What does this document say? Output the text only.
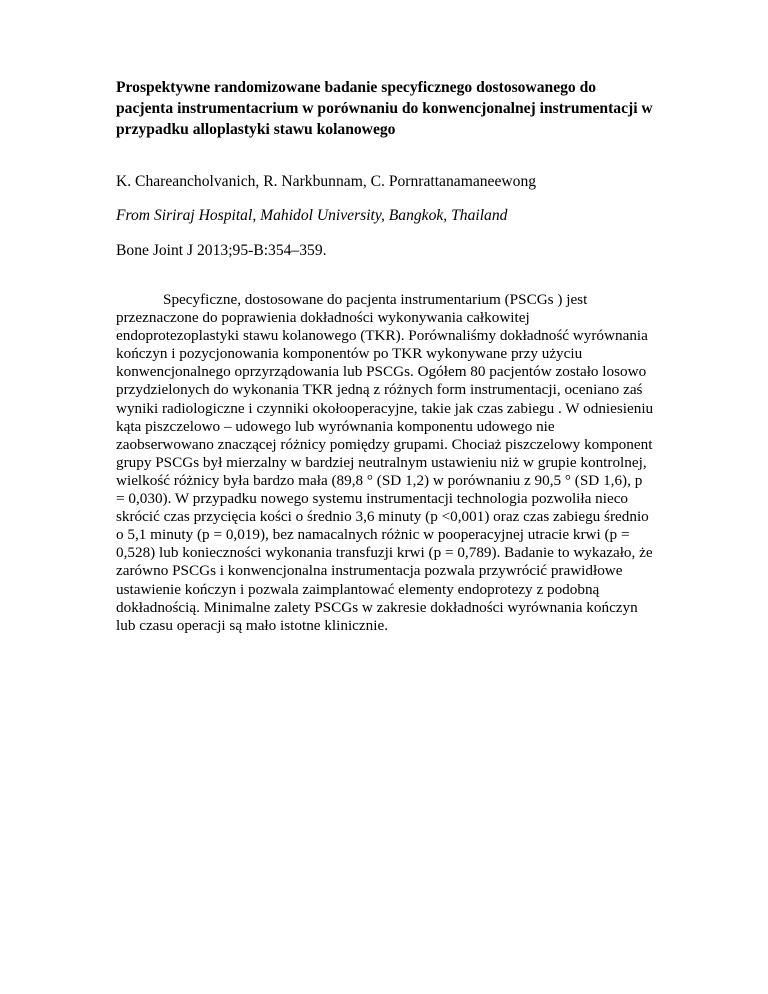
Prospektywne randomizowane badanie specyficznego dostosowanego do pacjenta instrumentacrium w porównaniu do konwencjonalnej instrumentacji w przypadku alloplastyki stawu kolanowego

K. Chareancholvanich, R. Narkbunnam, C. Pornrattanamaneewong

From Siriraj Hospital, Mahidol University, Bangkok, Thailand

Bone Joint J 2013;95-B:354–359.

Specyficzne, dostosowane do pacjenta instrumentarium (PSCGs ) jest przeznaczone do poprawienia dokładności wykonywania całkowitej endoprotezoplastyki stawu kolanowego (TKR). Porównaliśmy dokładność wyrównania kończyn i pozycjonowania komponentów po TKR wykonywane przy użyciu konwencjonalnego oprzyrządowania lub PSCGs. Ogółem 80 pacjentów zostało losowo przydzielonych do wykonania TKR jedną z różnych form instrumentacji, oceniano zaś wyniki radiologiczne i czynniki okołooperacyjne, takie jak czas zabiegu . W odniesieniu kąta piszczelowo – udowego lub wyrównania komponentu udowego nie zaobserwowano znaczącej różnicy pomiędzy grupami. Chociaż piszczelowy komponent grupy PSCGs był mierzalny w bardziej neutralnym ustawieniu niż w grupie kontrolnej, wielkość różnicy była bardzo mała (89,8 ° (SD 1,2) w porównaniu z 90,5 ° (SD 1,6), p = 0,030). W przypadku nowego systemu instrumentacji technologia pozwoliła nieco skrócić czas przycięcia kości o średnio 3,6 minuty (p <0,001) oraz czas zabiegu średnio o 5,1 minuty (p = 0,019), bez namacalnych różnic w pooperacyjnej utracie krwi (p = 0,528) lub konieczności wykonania transfuzji krwi (p = 0,789). Badanie to wykazało, że zarówno PSCGs i konwencjonalna instrumentacja pozwala przywrócić prawidłowe ustawienie kończyn i pozwala zaimplantować elementy endoprotezy z podobną dokładnością. Minimalne zalety PSCGs w zakresie dokładności wyrównania kończyn lub czasu operacji są mało istotne klinicznie.
